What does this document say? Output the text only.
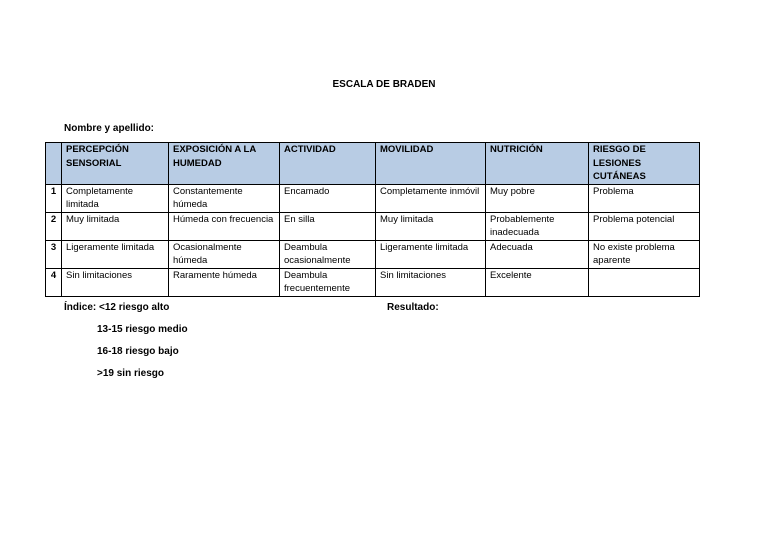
ESCALA DE BRADEN
Nombre y apellido:
	PERCEPCIÓN SENSORIAL	EXPOSICIÓN A LA HUMEDAD	ACTIVIDAD	MOVILIDAD	NUTRICIÓN	RIESGO DE LESIONES CUTÁNEAS
1	Completamente limitada	Constantemente húmeda	Encamado	Completamente inmóvil	Muy pobre	Problema
2	Muy limitada	Húmeda con frecuencia	En silla	Muy limitada	Probablemente inadecuada	Problema potencial
3	Ligeramente limitada	Ocasionalmente húmeda	Deambula ocasionalmente	Ligeramente limitada	Adecuada	No existe problema aparente
4	Sin limitaciones	Raramente húmeda	Deambula frecuentemente	Sin limitaciones	Excelente	
Índice: <12 riesgo alto
13-15 riesgo medio
16-18 riesgo bajo
>19 sin riesgo
Resultado:
